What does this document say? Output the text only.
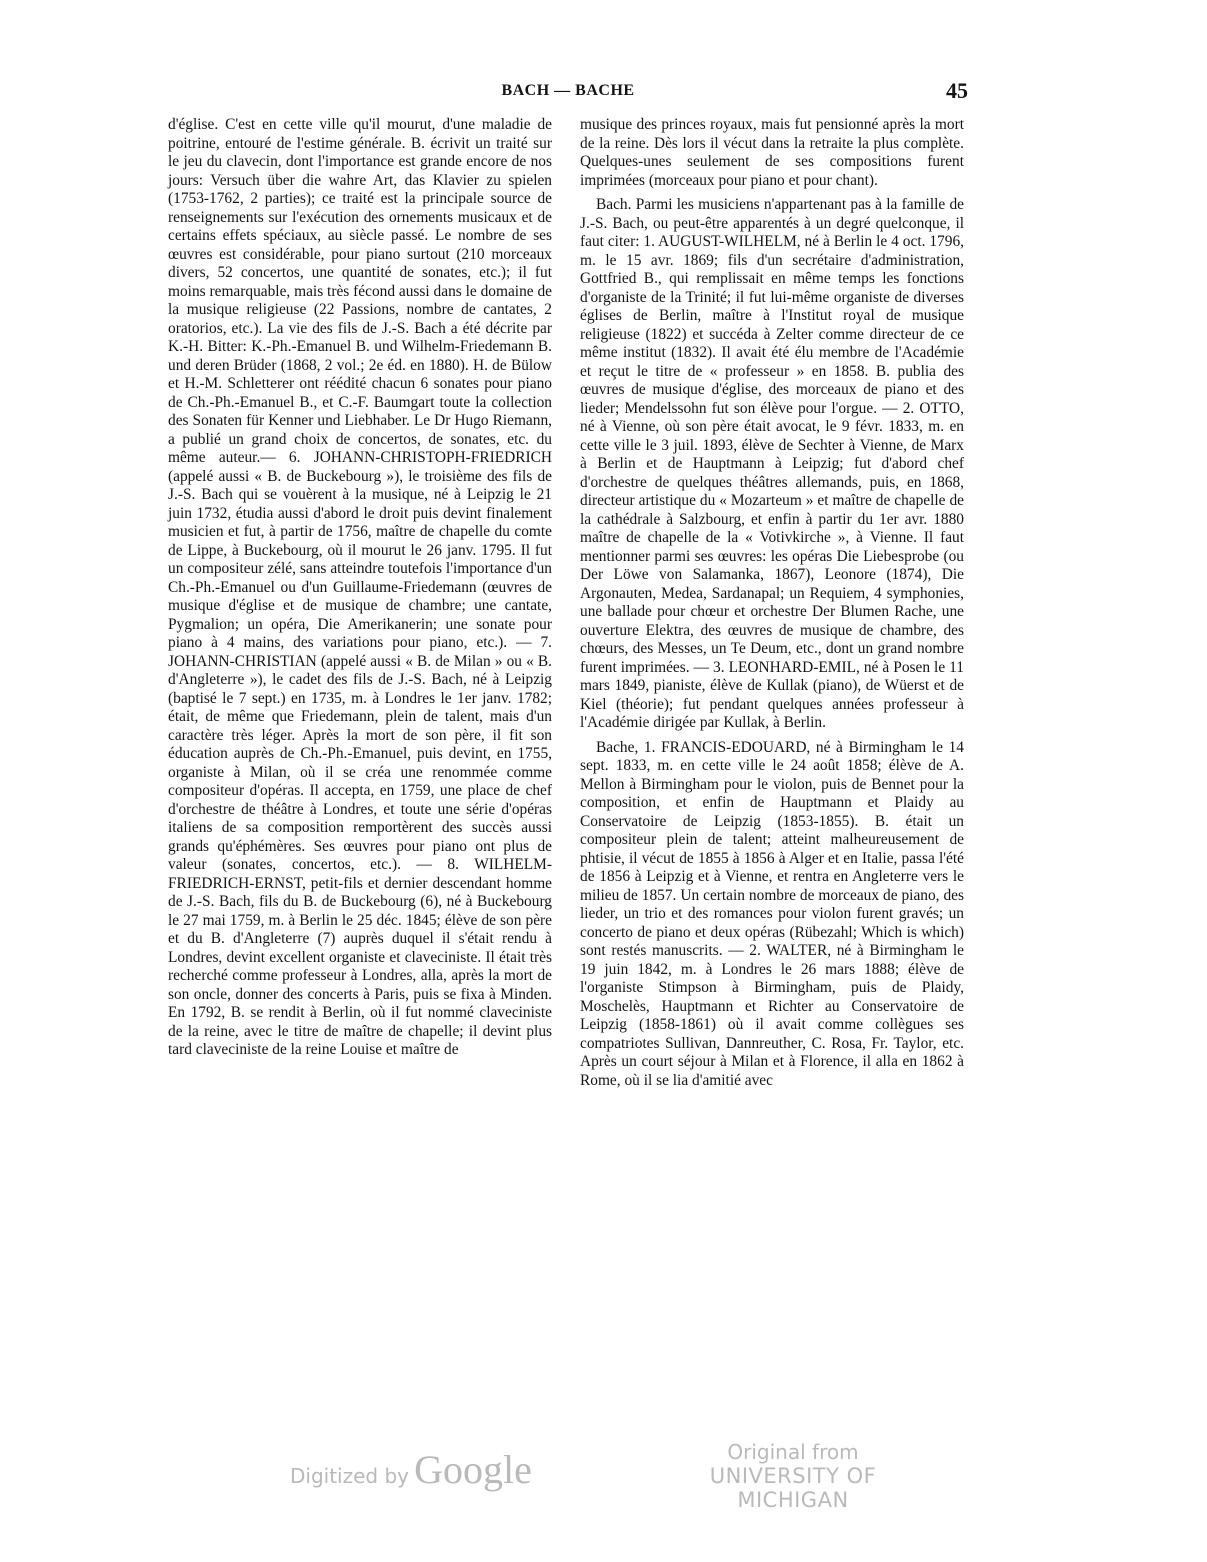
BACH — BACHE	45

d'église. C'est en cette ville qu'il mourut, d'une maladie de poitrine, entouré de l'estime générale. B. écrivit un traité sur le jeu du clavecin, dont l'importance est grande encore de nos jours: Versuch über die wahre Art, das Klavier zu spielen (1753-1762, 2 parties); ce traité est la principale source de renseignements sur l'exécution des ornements musicaux et de certains effets spéciaux, au siècle passé. Le nombre de ses œuvres est considérable, pour piano surtout (210 morceaux divers, 52 concertos, une quantité de sonates, etc.); il fut moins remarquable, mais très fécond aussi dans le domaine de la musique religieuse (22 Passions, nombre de cantates, 2 oratorios, etc.). La vie des fils de J.-S. Bach a été décrite par K.-H. Bitter: K.-Ph.-Emanuel B. und Wilhelm-Friedemann B. und deren Brüder (1868, 2 vol.; 2e éd. en 1880). H. de Bülow et H.-M. Schletterer ont réédité chacun 6 sonates pour piano de Ch.-Ph.-Emanuel B., et C.-F. Baumgart toute la collection des Sonaten für Kenner und Liebhaber. Le Dr Hugo Riemann, a publié un grand choix de concertos, de sonates, etc. du même auteur.— 6. JOHANN-CHRISTOPH-FRIEDRICH (appelé aussi « B. de Buckebourg »), le troisième des fils de J.-S. Bach qui se vouèrent à la musique, né à Leipzig le 21 juin 1732, étudia aussi d'abord le droit puis devint finalement musicien et fut, à partir de 1756, maître de chapelle du comte de Lippe, à Buckebourg, où il mourut le 26 janv. 1795. Il fut un compositeur zélé, sans atteindre toutefois l'importance d'un Ch.-Ph.-Emanuel ou d'un Guillaume-Friedemann (œuvres de musique d'église et de musique de chambre; une cantate, Pygmalion; un opéra, Die Amerikanerin; une sonate pour piano à 4 mains, des variations pour piano, etc.). — 7. JOHANN-CHRISTIAN (appelé aussi « B. de Milan » ou « B. d'Angleterre »), le cadet des fils de J.-S. Bach, né à Leipzig (baptisé le 7 sept.) en 1735, m. à Londres le 1er janv. 1782; était, de même que Friedemann, plein de talent, mais d'un caractère très léger. Après la mort de son père, il fit son éducation auprès de Ch.-Ph.-Emanuel, puis devint, en 1755, organiste à Milan, où il se créa une renommée comme compositeur d'opéras. Il accepta, en 1759, une place de chef d'orchestre de théâtre à Londres, et toute une série d'opéras italiens de sa composition remportèrent des succès aussi grands qu'éphémères. Ses œuvres pour piano ont plus de valeur (sonates, concertos, etc.). — 8. WILHELM-FRIEDRICH-ERNST, petit-fils et dernier descendant homme de J.-S. Bach, fils du B. de Buckebourg (6), né à Buckebourg le 27 mai 1759, m. à Berlin le 25 déc. 1845; élève de son père et du B. d'Angleterre (7) auprès duquel il s'était rendu à Londres, devint excellent organiste et claveciniste. Il était très recherché comme professeur à Londres, alla, après la mort de son oncle, donner des concerts à Paris, puis se fixa à Minden. En 1792, B. se rendit à Berlin, où il fut nommé claveciniste de la reine, avec le titre de maître de chapelle; il devint plus tard claveciniste de la reine Louise et maître de

musique des princes royaux, mais fut pensionné après la mort de la reine. Dès lors il vécut dans la retraite la plus complète. Quelques-unes seulement de ses compositions furent imprimées (morceaux pour piano et pour chant).

Bach. Parmi les musiciens n'appartenant pas à la famille de J.-S. Bach, ou peut-être apparentés à un degré quelconque, il faut citer: 1. AUGUST-WILHELM, né à Berlin le 4 oct. 1796, m. le 15 avr. 1869; fils d'un secrétaire d'administration, Gottfried B., qui remplissait en même temps les fonctions d'organiste de la Trinité; il fut lui-même organiste de diverses églises de Berlin, maître à l'Institut royal de musique religieuse (1822) et succéda à Zelter comme directeur de ce même institut (1832). Il avait été élu membre de l'Académie et reçut le titre de « professeur » en 1858. B. publia des œuvres de musique d'église, des morceaux de piano et des lieder; Mendelssohn fut son élève pour l'orgue. — 2. OTTO, né à Vienne, où son père était avocat, le 9 févr. 1833, m. en cette ville le 3 juil. 1893, élève de Sechter à Vienne, de Marx à Berlin et de Hauptmann à Leipzig; fut d'abord chef d'orchestre de quelques théâtres allemands, puis, en 1868, directeur artistique du « Mozarteum » et maître de chapelle de la cathédrale à Salzbourg, et enfin à partir du 1er avr. 1880 maître de chapelle de la « Votivkirche », à Vienne. Il faut mentionner parmi ses œuvres: les opéras Die Liebesprobe (ou Der Löwe von Salamanka, 1867), Leonore (1874), Die Argonauten, Medea, Sardanapal; un Requiem, 4 symphonies, une ballade pour chœur et orchestre Der Blumen Rache, une ouverture Elektra, des œuvres de musique de chambre, des chœurs, des Messes, un Te Deum, etc., dont un grand nombre furent imprimées. — 3. LEONHARD-EMIL, né à Posen le 11 mars 1849, pianiste, élève de Kullak (piano), de Wüerst et de Kiel (théorie); fut pendant quelques années professeur à l'Académie dirigée par Kullak, à Berlin.

Bache, 1. FRANCIS-EDOUARD, né à Birmingham le 14 sept. 1833, m. en cette ville le 24 août 1858; élève de A. Mellon à Birmingham pour le violon, puis de Bennet pour la composition, et enfin de Hauptmann et Plaidy au Conservatoire de Leipzig (1853-1855). B. était un compositeur plein de talent; atteint malheureusement de phtisie, il vécut de 1855 à 1856 à Alger et en Italie, passa l'été de 1856 à Leipzig et à Vienne, et rentra en Angleterre vers le milieu de 1857. Un certain nombre de morceaux de piano, des lieder, un trio et des romances pour violon furent gravés; un concerto de piano et deux opéras (Rübezahl; Which is which) sont restés manuscrits. — 2. WALTER, né à Birmingham le 19 juin 1842, m. à Londres le 26 mars 1888; élève de l'organiste Stimpson à Birmingham, puis de Plaidy, Moschelès, Hauptmann et Richter au Conservatoire de Leipzig (1858-1861) où il avait comme collègues ses compatriotes Sullivan, Dannreuther, C. Rosa, Fr. Taylor, etc. Après un court séjour à Milan et à Florence, il alla en 1862 à Rome, où il se lia d'amitié avec

Digitized by Google	Original from
UNIVERSITY OF MICHIGAN
